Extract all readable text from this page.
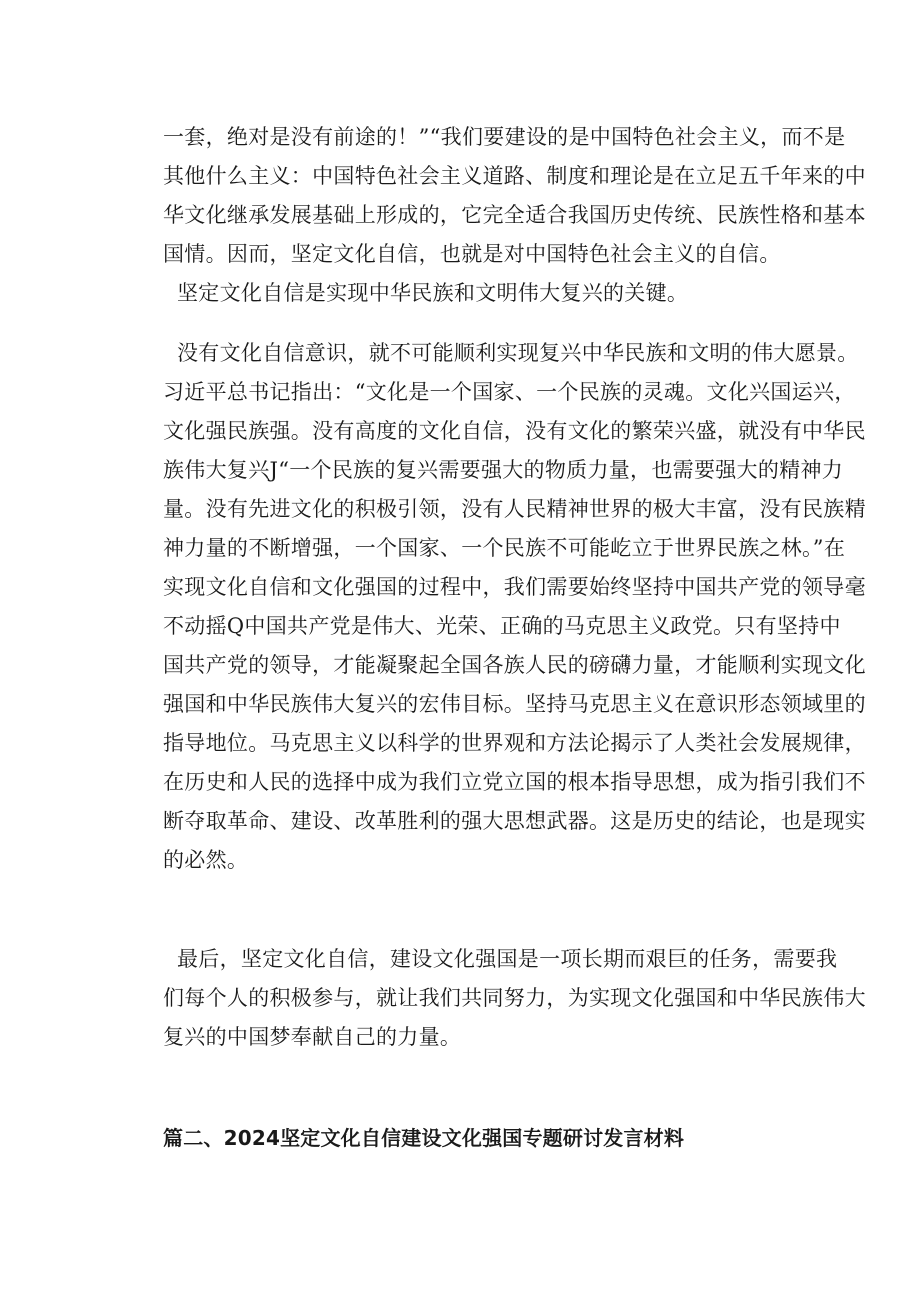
一套，绝对是没有前途的！”“我们要建设的是中国特色社会主义，而不是
其他什么主义：中国特色社会主义道路、制度和理论是在立足五千年来的中
华文化继承发展基础上形成的，它完全适合我国历史传统、民族性格和基本
国情。因而，坚定文化自信，也就是对中国特色社会主义的自信。
坚定文化自信是实现中华民族和文明伟大复兴的关键。
没有文化自信意识，就不可能顺利实现复兴中华民族和文明的伟大愿景。
习近平总书记指出：“文化是一个国家、一个民族的灵魂。文化兴国运兴，
文化强民族强。没有高度的文化自信，没有文化的繁荣兴盛，就没有中华民
族伟大复兴J“一个民族的复兴需要强大的物质力量，也需要强大的精神力
量。没有先进文化的积极引领，没有人民精神世界的极大丰富，没有民族精
神力量的不断增强，一个国家、一个民族不可能屹立于世界民族之林。”在
实现文化自信和文化强国的过程中，我们需要始终坚持中国共产党的领导毫
不动摇Q中国共产党是伟大、光荣、正确的马克思主义政党。只有坚持中
国共产党的领导，才能凝聚起全国各族人民的磅礴力量，才能顺利实现文化
强国和中华民族伟大复兴的宏伟目标。坚持马克思主义在意识形态领域里的
指导地位。马克思主义以科学的世界观和方法论揭示了人类社会发展规律，
在历史和人民的选择中成为我们立党立国的根本指导思想，成为指引我们不
断夺取革命、建设、改革胜利的强大思想武器。这是历史的结论，也是现实
的必然。
最后，坚定文化自信，建设文化强国是一项长期而艰巨的任务，需要我
们每个人的积极参与，就让我们共同努力，为实现文化强国和中华民族伟大
复兴的中国梦奉献自己的力量。
篇二、2024坚定文化自信建设文化强国专题研讨发言材料
